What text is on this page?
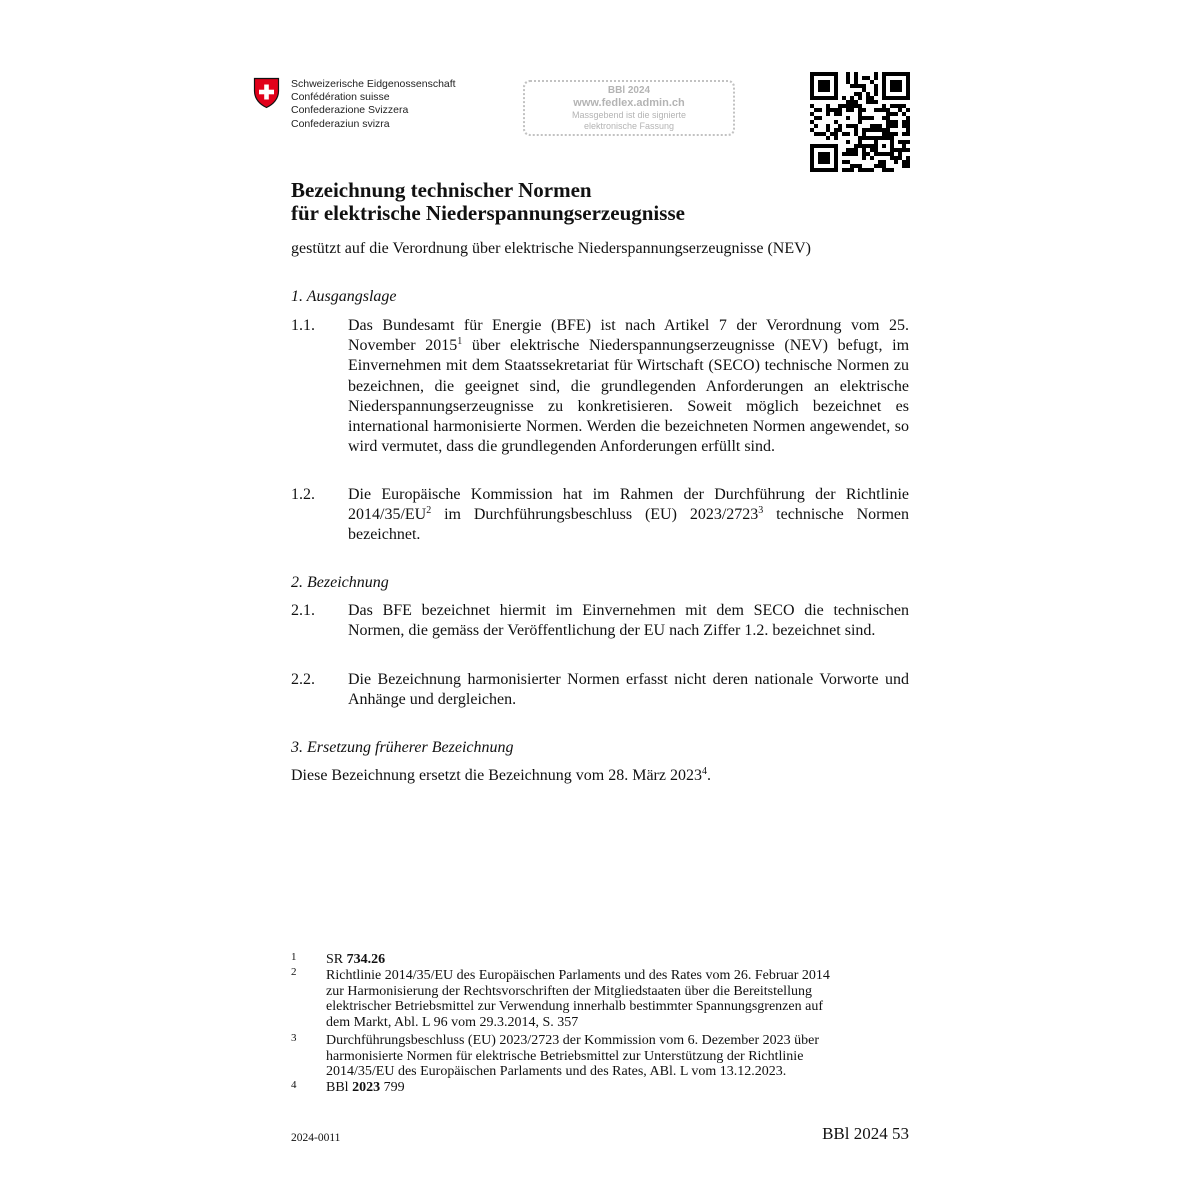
Schweizerische Eidgenossenschaft
Confédération suisse
Confederazione Svizzera
Confederaziun svizra
BBl 2024
www.fedlex.admin.ch
Massgebend ist die signierte
elektronische Fassung
Bezeichnung technischer Normen
für elektrische Niederspannungserzeugnisse
gestützt auf die Verordnung über elektrische Niederspannungserzeugnisse (NEV)
1. Ausgangslage
1.1. Das Bundesamt für Energie (BFE) ist nach Artikel 7 der Verordnung vom 25. November 2015$^1$ über elektrische Niederspannungserzeugnisse (NEV) befugt, im Einvernehmen mit dem Staatssekretariat für Wirtschaft (SECO) technische Normen zu bezeichnen, die geeignet sind, die grundlegenden Anforderungen an elektrische Niederspannungserzeugnisse zu konkretisieren. Soweit möglich bezeichnet es international harmonisierte Normen. Werden die bezeichneten Normen angewendet, so wird vermutet, dass die grundlegenden Anforderungen erfüllt sind.
1.2. Die Europäische Kommission hat im Rahmen der Durchführung der Richtlinie $2014/35/EU^2$ im Durchführungsbeschluss (EU) 2023/2723$^3$ technische Normen bezeichnet.
2. Bezeichnung
2.1. Das BFE bezeichnet hiermit im Einvernehmen mit dem SECO die technischen Normen, die gemäss der Veröffentlichung der EU nach Ziffer 1.2. bezeichnet sind.
2.2. Die Bezeichnung harmonisierter Normen erfasst nicht deren nationale Vorworte und Anhänge und dergleichen.
3. Ersetzung früherer Bezeichnung
Diese Bezeichnung ersetzt die Bezeichnung vom 28. März 2023$^4$.
1 SR 734.26
2 Richtlinie 2014/35/EU des Europäischen Parlaments und des Rates vom 26. Februar 2014
zur Harmonisierung der Rechtsvorschriften der Mitgliedstaaten über die Bereitstellung
elektrischer Betriebsmittel zur Verwendung innerhalb bestimmter Spannungsgrenzen auf
dem Markt, Abl. L 96 vom 29.3.2014, S. 357
3 Durchführungsbeschluss (EU) 2023/2723 der Kommission vom 6. Dezember 2023 über
harmonisierte Normen für elektrische Betriebsmittel zur Unterstützung der Richtlinie
2014/35/EU des Europäischen Parlaments und des Rates, ABl. L vom 13.12.2023.
4 BBl 2023 799
2024-0011	BBl 2024 53
